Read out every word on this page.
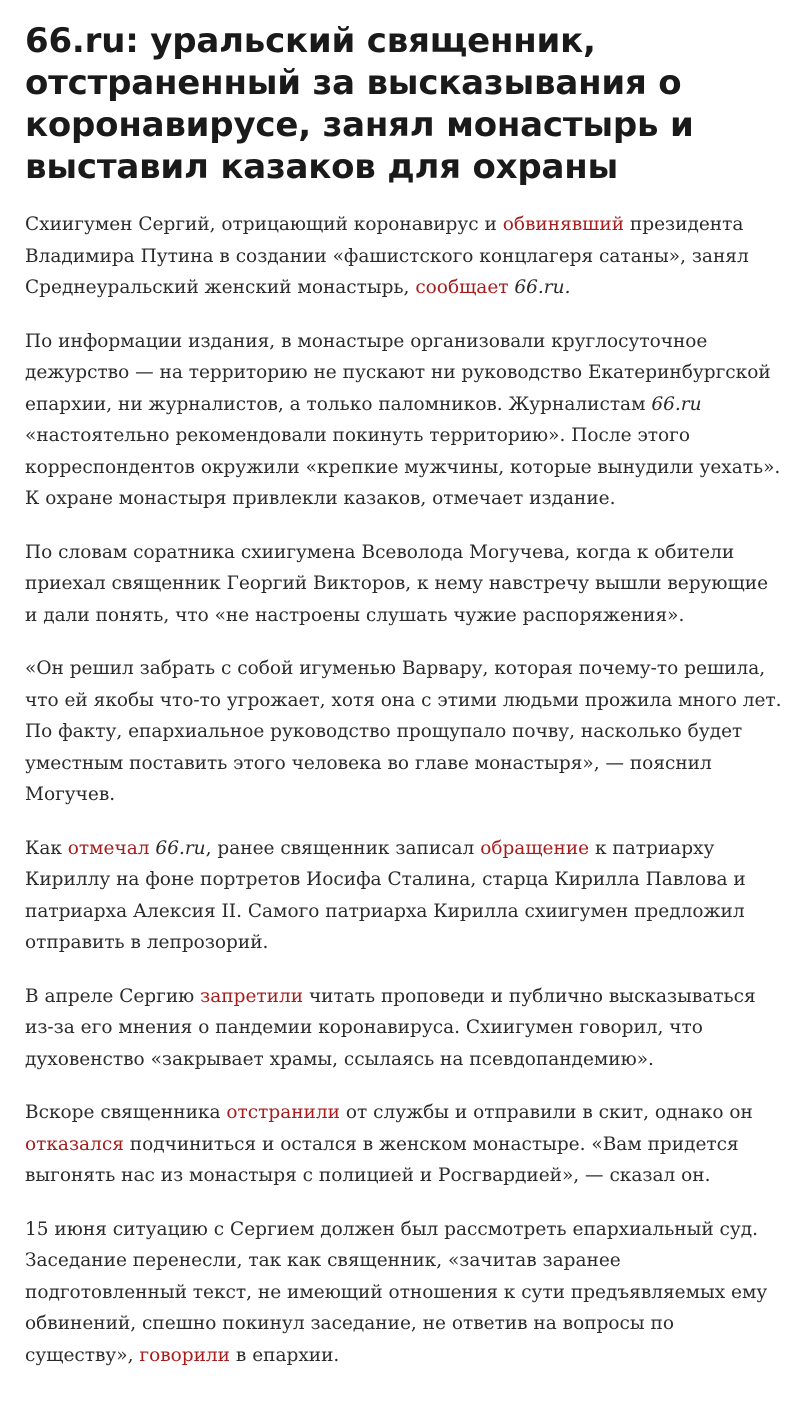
66.ru: уральский священник, отстраненный за высказывания о коронавирусе, занял монастырь и выставил казаков для охраны

Схиигумен Сергий, отрицающий коронавирус и обвинявший президента Владимира Путина в создании «фашистского концлагеря сатаны», занял Среднеуральский женский монастырь, сообщает 66.ru.

По информации издания, в монастыре организовали круглосуточное дежурство — на территорию не пускают ни руководство Екатеринбургской епархии, ни журналистов, а только паломников. Журналистам 66.ru «настоятельно рекомендовали покинуть территорию». После этого корреспондентов окружили «крепкие мужчины, которые вынудили уехать». К охране монастыря привлекли казаков, отмечает издание.

По словам соратника схиигумена Всеволода Могучева, когда к обители приехал священник Георгий Викторов, к нему навстречу вышли верующие и дали понять, что «не настроены слушать чужие распоряжения».

«Он решил забрать с собой игуменью Варвару, которая почему-то решила, что ей якобы что-то угрожает, хотя она с этими людьми прожила много лет. По факту, епархиальное руководство прощупало почву, насколько будет уместным поставить этого человека во главе монастыря», — пояснил Могучев.

Как отмечал 66.ru, ранее священник записал обращение к патриарху Кириллу на фоне портретов Иосифа Сталина, старца Кирилла Павлова и патриарха Алексия II. Самого патриарха Кирилла схиигумен предложил отправить в лепрозорий.

В апреле Сергию запретили читать проповеди и публично высказываться из-за его мнения о пандемии коронавируса. Схиигумен говорил, что духовенство «закрывает храмы, ссылаясь на псевдопандемию».

Вскоре священника отстранили от службы и отправили в скит, однако он отказался подчиниться и остался в женском монастыре. «Вам придется выгонять нас из монастыря с полицией и Росгвардией», — сказал он.

15 июня ситуацию с Сергием должен был рассмотреть епархиальный суд. Заседание перенесли, так как священник, «зачитав заранее подготовленный текст, не имеющий отношения к сути предъявляемых ему обвинений, спешно покинул заседание, не ответив на вопросы по существу», говорили в епархии.
